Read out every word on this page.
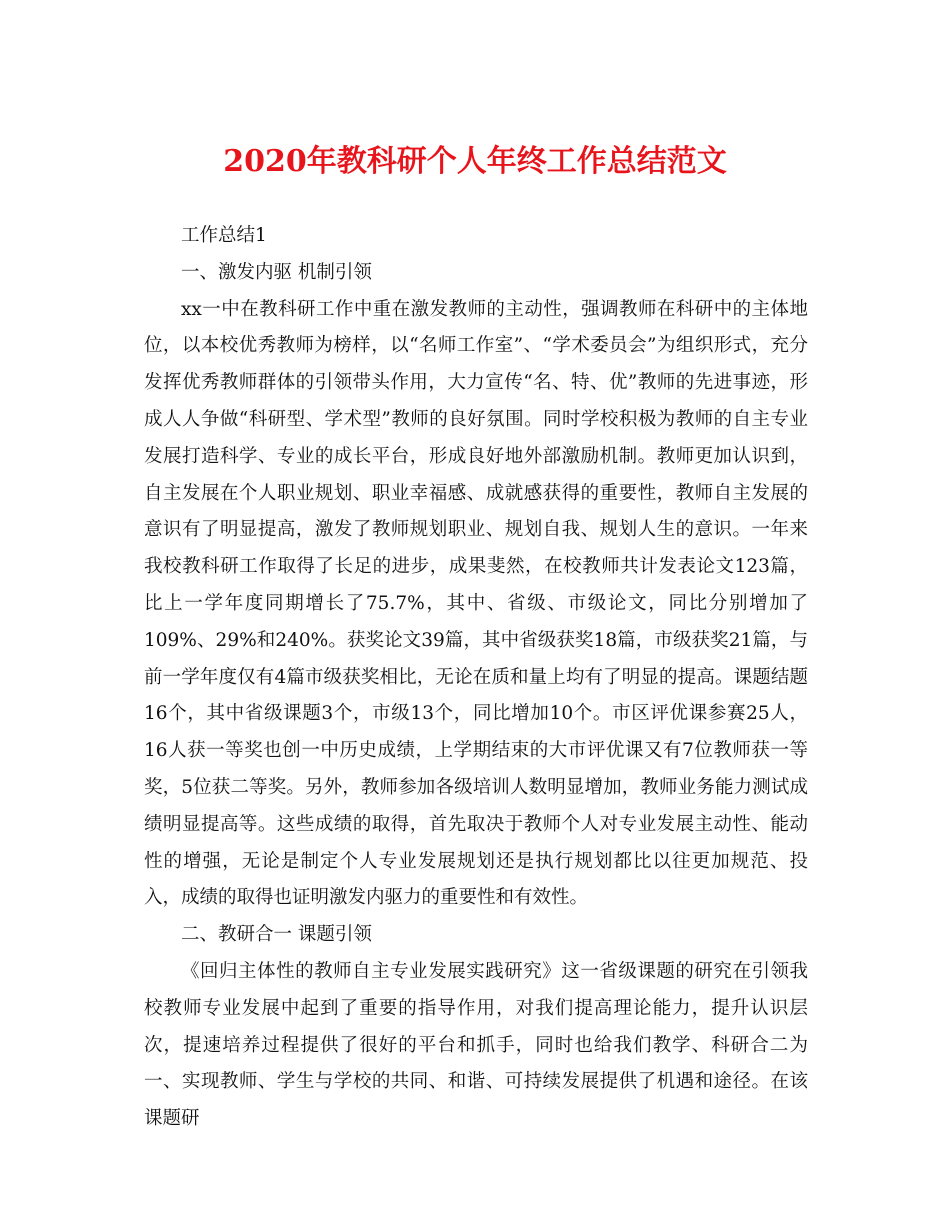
2020年教科研个人年终工作总结范文

工作总结1

一、激发内驱 机制引领

xx一中在教科研工作中重在激发教师的主动性，强调教师在科研中的主体地位，以本校优秀教师为榜样，以“名师工作室”、“学术委员会”为组织形式，充分发挥优秀教师群体的引领带头作用，大力宣传“名、特、优”教师的先进事迹，形成人人争做“科研型、学术型”教师的良好氛围。同时学校积极为教师的自主专业发展打造科学、专业的成长平台，形成良好地外部激励机制。教师更加认识到，自主发展在个人职业规划、职业幸福感、成就感获得的重要性，教师自主发展的意识有了明显提高，激发了教师规划职业、规划自我、规划人生的意识。一年来我校教科研工作取得了长足的进步，成果斐然，在校教师共计发表论文123篇，比上一学年度同期增长了75.7%，其中、省级、市级论文，同比分别增加了109%、29%和240%。获奖论文39篇，其中省级获奖18篇，市级获奖21篇，与前一学年度仅有4篇市级获奖相比，无论在质和量上均有了明显的提高。课题结题16个，其中省级课题3个，市级13个，同比增加10个。市区评优课参赛25人，16人获一等奖也创一中历史成绩，上学期结束的大市评优课又有7位教师获一等奖，5位获二等奖。另外，教师参加各级培训人数明显增加，教师业务能力测试成绩明显提高等。这些成绩的取得，首先取决于教师个人对专业发展主动性、能动性的增强，无论是制定个人专业发展规划还是执行规划都比以往更加规范、投入，成绩的取得也证明激发内驱力的重要性和有效性。

二、教研合一 课题引领

《回归主体性的教师自主专业发展实践研究》这一省级课题的研究在引领我校教师专业发展中起到了重要的指导作用，对我们提高理论能力，提升认识层次，提速培养过程提供了很好的平台和抓手，同时也给我们教学、科研合二为一、实现教师、学生与学校的共同、和谐、可持续发展提供了机遇和途径。在该课题研
